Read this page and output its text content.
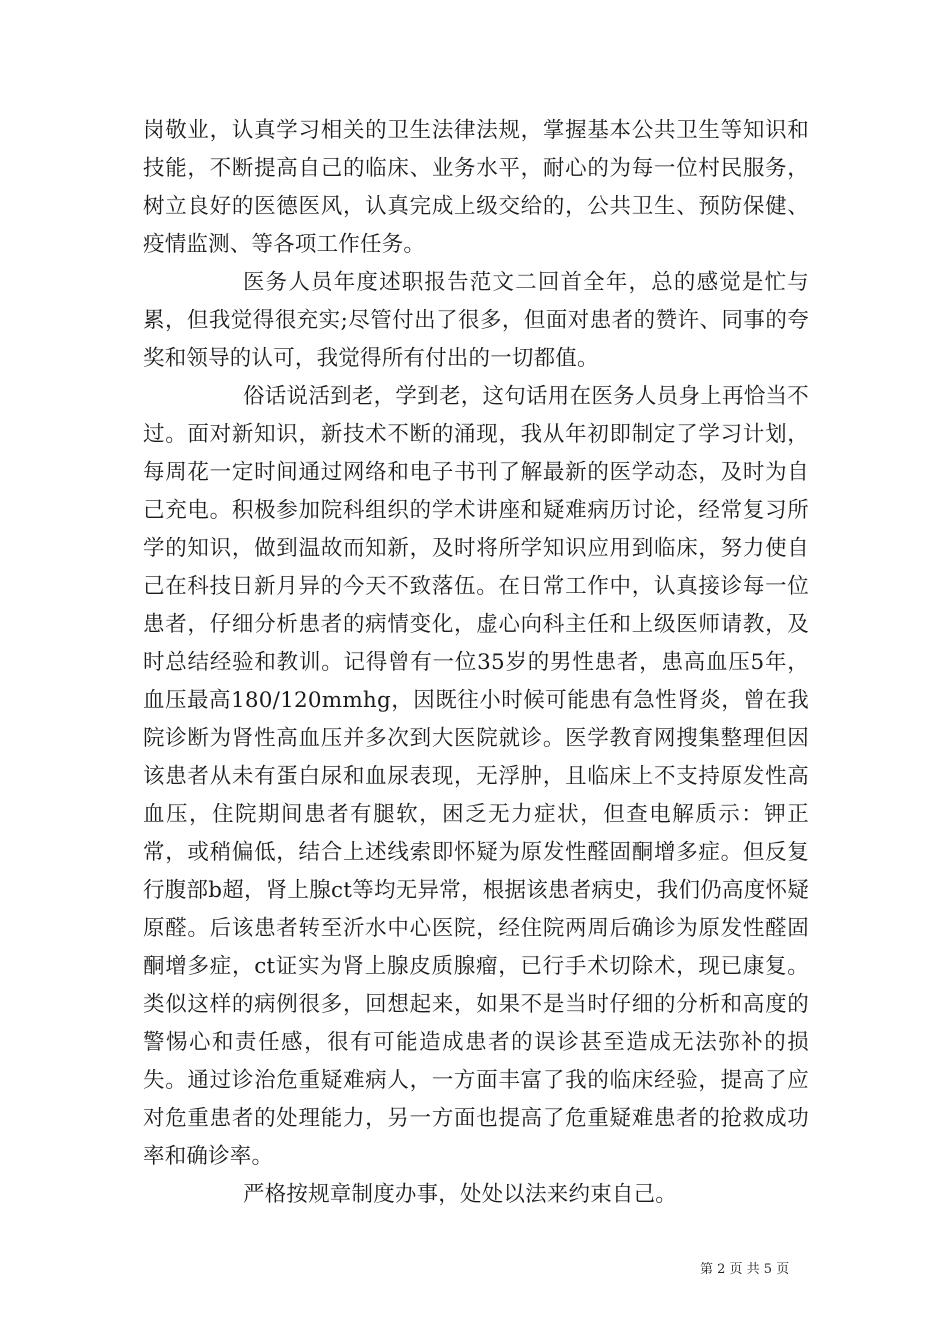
岗敬业，认真学习相关的卫生法律法规，掌握基本公共卫生等知识和技能，不断提高自己的临床、业务水平，耐心的为每一位村民服务，树立良好的医德医风，认真完成上级交给的，公共卫生、预防保健、疫情监测、等各项工作任务。

医务人员年度述职报告范文二回首全年，总的感觉是忙与累，但我觉得很充实;尽管付出了很多，但面对患者的赞许、同事的夸奖和领导的认可，我觉得所有付出的一切都值。

俗话说活到老，学到老，这句话用在医务人员身上再恰当不过。面对新知识，新技术不断的涌现，我从年初即制定了学习计划，每周花一定时间通过网络和电子书刊了解最新的医学动态，及时为自己充电。积极参加院科组织的学术讲座和疑难病历讨论，经常复习所学的知识，做到温故而知新，及时将所学知识应用到临床，努力使自己在科技日新月异的今天不致落伍。在日常工作中，认真接诊每一位患者，仔细分析患者的病情变化，虚心向科主任和上级医师请教，及时总结经验和教训。记得曾有一位35岁的男性患者，患高血压5年，血压最高180/120mmhg，因既往小时候可能患有急性肾炎，曾在我院诊断为肾性高血压并多次到大医院就诊。医学教育网搜集整理但因该患者从未有蛋白尿和血尿表现，无浮肿，且临床上不支持原发性高血压，住院期间患者有腿软，困乏无力症状，但查电解质示：钾正常，或稍偏低，结合上述线索即怀疑为原发性醛固酮增多症。但反复行腹部b超，肾上腺ct等均无异常，根据该患者病史，我们仍高度怀疑原醛。后该患者转至沂水中心医院，经住院两周后确诊为原发性醛固酮增多症，ct证实为肾上腺皮质腺瘤，已行手术切除术，现已康复。类似这样的病例很多，回想起来，如果不是当时仔细的分析和高度的警惕心和责任感，很有可能造成患者的误诊甚至造成无法弥补的损失。通过诊治危重疑难病人，一方面丰富了我的临床经验，提高了应对危重患者的处理能力，另一方面也提高了危重疑难患者的抢救成功率和确诊率。

严格按规章制度办事，处处以法来约束自己。

第 2 页 共 5 页
